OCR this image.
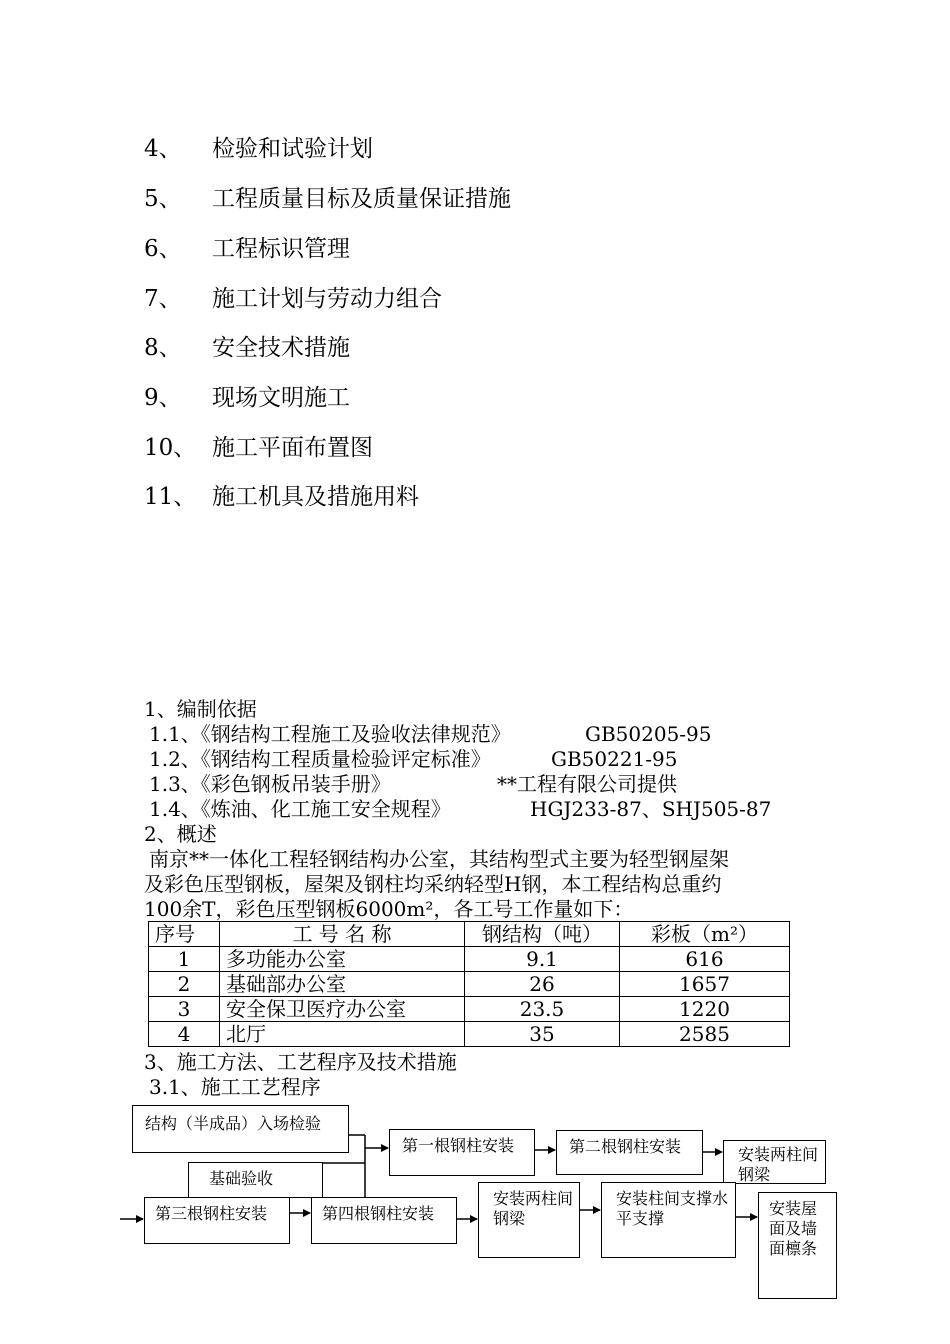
4、 检验和试验计划
5、 工程质量目标及质量保证措施
6、 工程标识管理
7、 施工计划与劳动力组合
8、 安全技术措施
9、 现场文明施工
10、 施工平面布置图
11、 施工机具及措施用料
1、编制依据
1.1、《钢结构工程施工及验收法律规范》	GB50205-95
1.2、《钢结构工程质量检验评定标准》	GB50221-95
1.3、《彩色钢板吊装手册》	**工程有限公司提供
1.4、《炼油、化工施工安全规程》	HGJ233-87、SHJ505-87
2、概述
南京**一体化工程轻钢结构办公室，其结构型式主要为轻型钢屋架
及彩色压型钢板，屋架及钢柱均采纳轻型H钢，本工程结构总重约
100余T，彩色压型钢板6000m²，各工号工作量如下：
序号	工 号 名 称	钢结构（吨）	彩板（m²）
1	多功能办公室	9.1	616
2	基础部办公室	26	1657
3	安全保卫医疗办公室	23.5	1220
4	北厅	35	2585
3、施工方法、工艺程序及技术措施
3.1、施工工艺程序
结构（半成品）入场检验
基础验收
第一根钢柱安装	第二根钢柱安装	安装两柱间钢梁
第三根钢柱安装	第四根钢柱安装
安装两柱间钢梁
安装柱间支撑水平支撑
安装屋面及墙面檩条
